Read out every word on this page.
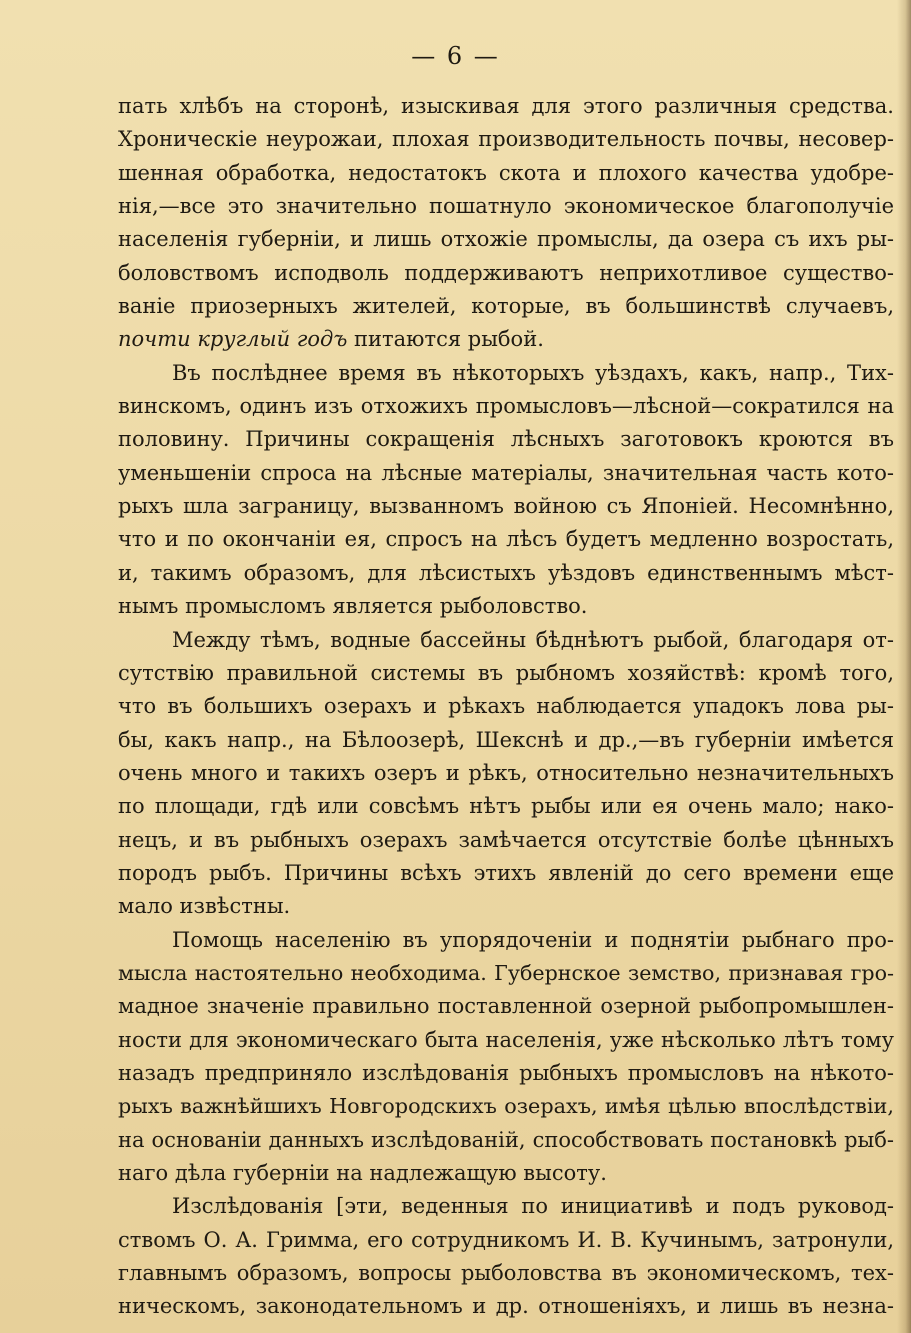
— 6 —
пать хлѣбъ на сторонѣ, изыскивая для этого различныя средства.
Хроническіе неурожаи, плохая производительность почвы, несовер-
шенная обработка, недостатокъ скота и плохого качества удобре-
нія,—все это значительно пошатнуло экономическое благополучіе
населенія губерніи, и лишь отхожіе промыслы, да озера съ ихъ ры-
боловствомъ исподволь поддерживаютъ неприхотливое существо-
ваніе приозерныхъ жителей, которые, въ большинствѣ случаевъ,
почти круглый годъ питаются рыбой.
Въ послѣднее время въ нѣкоторыхъ уѣздахъ, какъ, напр., Тих-
винскомъ, одинъ изъ отхожихъ промысловъ—лѣсной—сократился на
половину. Причины сокращенія лѣсныхъ заготовокъ кроются въ
уменьшеніи спроса на лѣсные матеріалы, значительная часть кото-
рыхъ шла заграницу, вызванномъ войною съ Японіей. Несомнѣнно,
что и по окончаніи ея, спросъ на лѣсъ будетъ медленно возростать,
и, такимъ образомъ, для лѣсистыхъ уѣздовъ единственнымъ мѣст-
нымъ промысломъ является рыболовство.
Между тѣмъ, водные бассейны бѣднѣютъ рыбой, благодаря от-
сутствію правильной системы въ рыбномъ хозяйствѣ: кромѣ того,
что въ большихъ озерахъ и рѣкахъ наблюдается упадокъ лова ры-
бы, какъ напр., на Бѣлоозерѣ, Шекснѣ и др.,—въ губерніи имѣется
очень много и такихъ озеръ и рѣкъ, относительно незначительныхъ
по площади, гдѣ или совсѣмъ нѣтъ рыбы или ея очень мало; нако-
нецъ, и въ рыбныхъ озерахъ замѣчается отсутствіе болѣе цѣнныхъ
породъ рыбъ. Причины всѣхъ этихъ явленій до сего времени еще
мало извѣстны.
Помощь населенію въ упорядоченіи и поднятіи рыбнаго про-
мысла настоятельно необходима. Губернское земство, признавая гро-
мадное значеніе правильно поставленной озерной рыбопромышлен-
ности для экономическаго быта населенія, уже нѣсколько лѣтъ тому
назадъ предприняло изслѣдованія рыбныхъ промысловъ на нѣкото-
рыхъ важнѣйшихъ Новгородскихъ озерахъ, имѣя цѣлью впослѣдствіи,
на основаніи данныхъ изслѣдованій, способствовать постановкѣ рыб-
наго дѣла губерніи на надлежащую высоту.
Изслѣдованія [эти, веденныя по инициативѣ и подъ руковод-
ствомъ О. А. Гримма, его сотрудникомъ И. В. Кучинымъ, затронули,
главнымъ образомъ, вопросы рыболовства въ экономическомъ, тех-
ническомъ, законодательномъ и др. отношеніяхъ, и лишь въ незна-
